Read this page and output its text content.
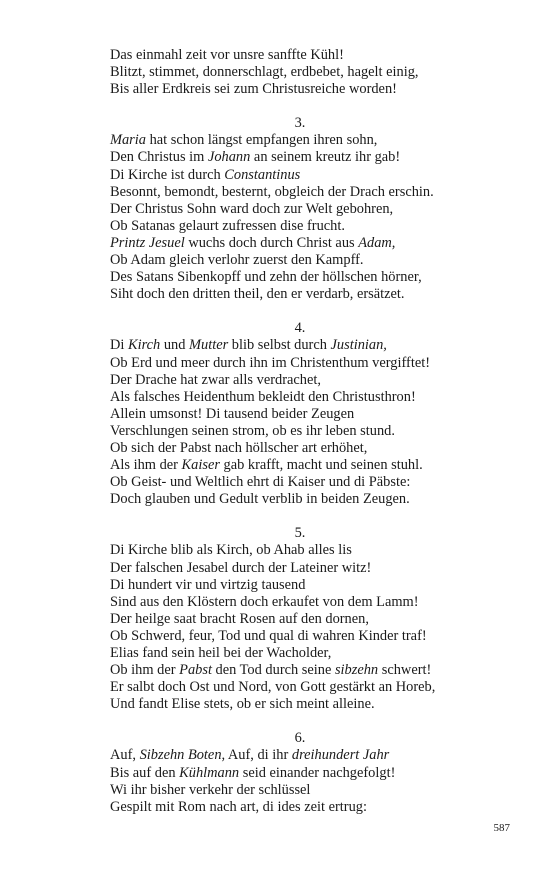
Das einmahl zeit vor unsre sanffte Kühl!
Blitzt, stimmet, donnerschlagt, erdbebet, hagelt einig,
Bis aller Erdkreis sei zum Christusreiche worden!
3.
Maria hat schon längst empfangen ihren sohn,
Den Christus im Johann an seinem kreutz ihr gab!
Di Kirche ist durch Constantinus
Besonnt, bemondt, besternt, obgleich der Drach erschin.
Der Christus Sohn ward doch zur Welt gebohren,
Ob Satanas gelaurt zufressen dise frucht.
Printz Jesuel wuchs doch durch Christ aus Adam,
Ob Adam gleich verlohr zuerst den Kampff.
Des Satans Sibenkopff und zehn der höllschen hörner,
Siht doch den dritten theil, den er verdarb, ersätzet.
4.
Di Kirch und Mutter blib selbst durch Justinian,
Ob Erd und meer durch ihn im Christenthum vergifftet!
Der Drache hat zwar alls verdrachet,
Als falsches Heidenthum bekleidt den Christusthron!
Allein umsonst! Di tausend beider Zeugen
Verschlungen seinen strom, ob es ihr leben stund.
Ob sich der Pabst nach höllscher art erhöhet,
Als ihm der Kaiser gab krafft, macht und seinen stuhl.
Ob Geist- und Weltlich ehrt di Kaiser und di Päbste:
Doch glauben und Gedult verblib in beiden Zeugen.
5.
Di Kirche blib als Kirch, ob Ahab alles lis
Der falschen Jesabel durch der Lateiner witz!
Di hundert vir und virtzig tausend
Sind aus den Klöstern doch erkaufet von dem Lamm!
Der heilge saat bracht Rosen auf den dornen,
Ob Schwerd, feur, Tod und qual di wahren Kinder traf!
Elias fand sein heil bei der Wacholder,
Ob ihm der Pabst den Tod durch seine sibzehn schwert!
Er salbt doch Ost und Nord, von Gott gestärkt an Horeb,
Und fandt Elise stets, ob er sich meint alleine.
6.
Auf, Sibzehn Boten, Auf, di ihr dreihundert Jahr
Bis auf den Kühlmann seid einander nachgefolgt!
Wi ihr bisher verkehr der schlüssel
Gespilt mit Rom nach art, di ides zeit ertrug:
587
